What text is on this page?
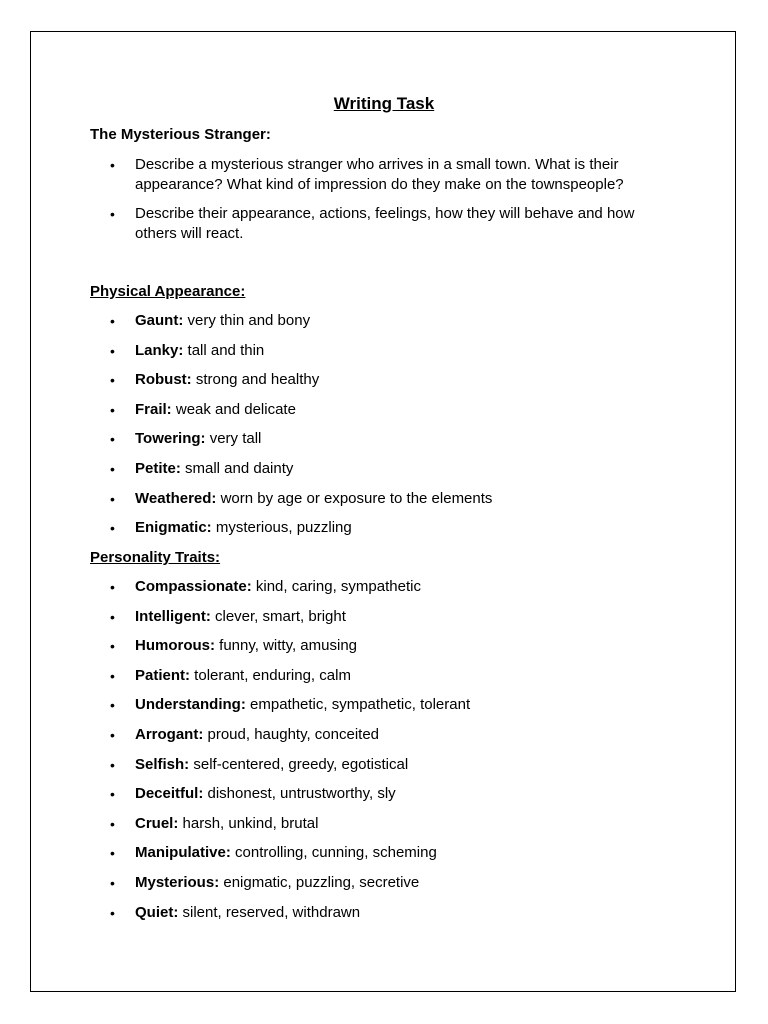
Writing Task
The Mysterious Stranger:
• Describe a mysterious stranger who arrives in a small town. What is their appearance? What kind of impression do they make on the townspeople?
• Describe their appearance, actions, feelings, how they will behave and how others will react.
Physical Appearance:
• Gaunt: very thin and bony
• Lanky: tall and thin
• Robust: strong and healthy
• Frail: weak and delicate
• Towering: very tall
• Petite: small and dainty
• Weathered: worn by age or exposure to the elements
• Enigmatic: mysterious, puzzling
Personality Traits:
• Compassionate: kind, caring, sympathetic
• Intelligent: clever, smart, bright
• Humorous: funny, witty, amusing
• Patient: tolerant, enduring, calm
• Understanding: empathetic, sympathetic, tolerant
• Arrogant: proud, haughty, conceited
• Selfish: self-centered, greedy, egotistical
• Deceitful: dishonest, untrustworthy, sly
• Cruel: harsh, unkind, brutal
• Manipulative: controlling, cunning, scheming
• Mysterious: enigmatic, puzzling, secretive
• Quiet: silent, reserved, withdrawn
